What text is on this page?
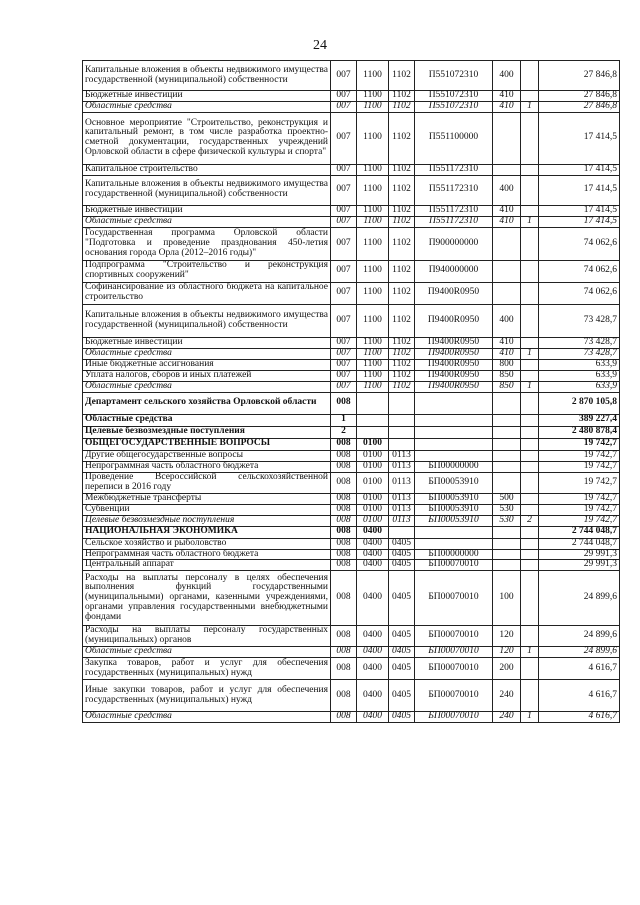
24
Капитальные вложения в объекты недвижимого имущества государственной (муниципальной) собственности	007	1100	1102	П551072310	400		27 846,8
Бюджетные инвестиции	007	1100	1102	П551072310	410		27 846,8
Областные средства	007	1100	1102	П551072310	410	1	27 846,8
Основное мероприятие "Строительство, реконструкция и капитальный ремонт, в том числе разработка проектно-сметной документации, государственных учреждений Орловской области в сфере физической культуры и спорта"	007	1100	1102	П551100000			17 414,5
Капитальное строительство	007	1100	1102	П551172310			17 414,5
Капитальные вложения в объекты недвижимого имущества государственной (муниципальной) собственности	007	1100	1102	П551172310	400		17 414,5
Бюджетные инвестиции	007	1100	1102	П551172310	410		17 414,5
Областные средства	007	1100	1102	П551172310	410	1	17 414,5
Государственная программа Орловской области "Подготовка и проведение празднования 450-летия основания города Орла (2012–2016 годы)"	007	1100	1102	П900000000			74 062,6
Подпрограмма "Строительство и реконструкция спортивных сооружений"	007	1100	1102	П940000000			74 062,6
Софинансирование из областного бюджета на капитальное строительство	007	1100	1102	П9400R0950			74 062,6
Капитальные вложения в объекты недвижимого имущества государственной (муниципальной) собственности	007	1100	1102	П9400R0950	400		73 428,7
Бюджетные инвестиции	007	1100	1102	П9400R0950	410		73 428,7
Областные средства	007	1100	1102	П9400R0950	410	1	73 428,7
Иные бюджетные ассигнования	007	1100	1102	П9400R0950	800		633,9
Уплата налогов, сборов и иных платежей	007	1100	1102	П9400R0950	850		633,9
Областные средства	007	1100	1102	П9400R0950	850	1	633,9
Департамент сельского хозяйства Орловской области	008						2 870 105,8
Областные средства	1						389 227,4
Целевые безвозмездные поступления	2						2 480 878,4
ОБЩЕГОСУДАРСТВЕННЫЕ ВОПРОСЫ	008	0100					19 742,7
Другие общегосударственные вопросы	008	0100	0113				19 742,7
Непрограммная часть областного бюджета	008	0100	0113	БП00000000			19 742,7
Проведение Всероссийской сельскохозяйственной переписи в 2016 году	008	0100	0113	БП00053910			19 742,7
Межбюджетные трансферты	008	0100	0113	БП00053910	500		19 742,7
Субвенции	008	0100	0113	БП00053910	530		19 742,7
Целевые безвозмездные поступления	008	0100	0113	БП00053910	530	2	19 742,7
НАЦИОНАЛЬНАЯ ЭКОНОМИКА	008	0400					2 744 048,7
Сельское хозяйство и рыболовство	008	0400	0405				2 744 048,7
Непрограммная часть областного бюджета	008	0400	0405	БП00000000			29 991,3
Центральный аппарат	008	0400	0405	БП00070010			29 991,3
Расходы на выплаты персоналу в целях обеспечения выполнения функций государственными (муниципальными) органами, казенными учреждениями, органами управления государственными внебюджетными фондами	008	0400	0405	БП00070010	100		24 899,6
Расходы на выплаты персоналу государственных (муниципальных) органов	008	0400	0405	БП00070010	120		24 899,6
Областные средства	008	0400	0405	БП00070010	120	1	24 899,6
Закупка товаров, работ и услуг для обеспечения государственных (муниципальных) нужд	008	0400	0405	БП00070010	200		4 616,7
Иные закупки товаров, работ и услуг для обеспечения государственных (муниципальных) нужд	008	0400	0405	БП00070010	240		4 616,7
Областные средства	008	0400	0405	БП00070010	240	1	4 616,7
